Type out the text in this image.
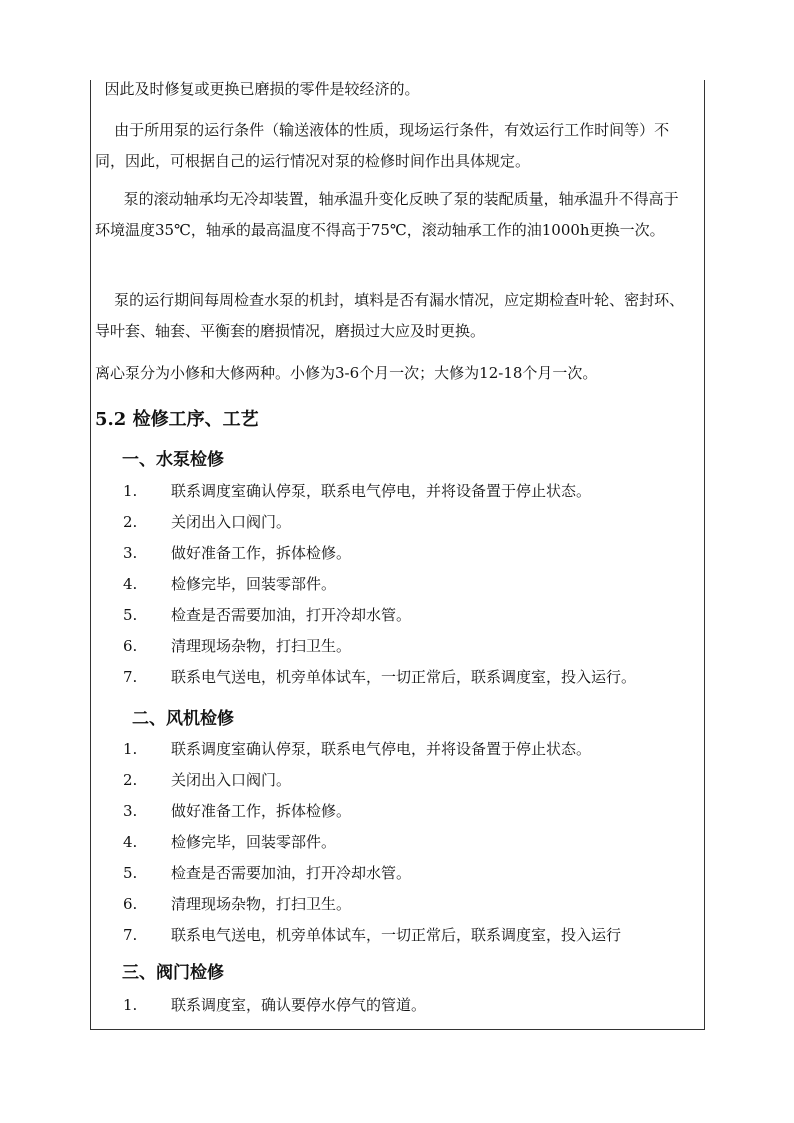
因此及时修复或更换已磨损的零件是较经济的。
由于所用泵的运行条件（输送液体的性质，现场运行条件，有效运行工作时间等）不同，因此，可根据自己的运行情况对泵的检修时间作出具体规定。
泵的滚动轴承均无冷却装置，轴承温升变化反映了泵的装配质量，轴承温升不得高于环境温度35℃，轴承的最高温度不得高于75℃，滚动轴承工作的油1000h更换一次。
泵的运行期间每周检查水泵的机封，填料是否有漏水情况，应定期检查叶轮、密封环、导叶套、轴套、平衡套的磨损情况，磨损过大应及时更换。
离心泵分为小修和大修两种。小修为3-6个月一次；大修为12-18个月一次。
5.2 检修工序、工艺
一、水泵检修
1. 联系调度室确认停泵，联系电气停电，并将设备置于停止状态。
2. 关闭出入口阀门。
3. 做好准备工作，拆体检修。
4. 检修完毕，回装零部件。
5. 检查是否需要加油，打开冷却水管。
6. 清理现场杂物，打扫卫生。
7. 联系电气送电，机旁单体试车，一切正常后，联系调度室，投入运行。
二、风机检修
1. 联系调度室确认停泵，联系电气停电，并将设备置于停止状态。
2. 关闭出入口阀门。
3. 做好准备工作，拆体检修。
4. 检修完毕，回装零部件。
5. 检查是否需要加油，打开冷却水管。
6. 清理现场杂物，打扫卫生。
7. 联系电气送电，机旁单体试车，一切正常后，联系调度室，投入运行
三、阀门检修
1. 联系调度室，确认要停水停气的管道。
